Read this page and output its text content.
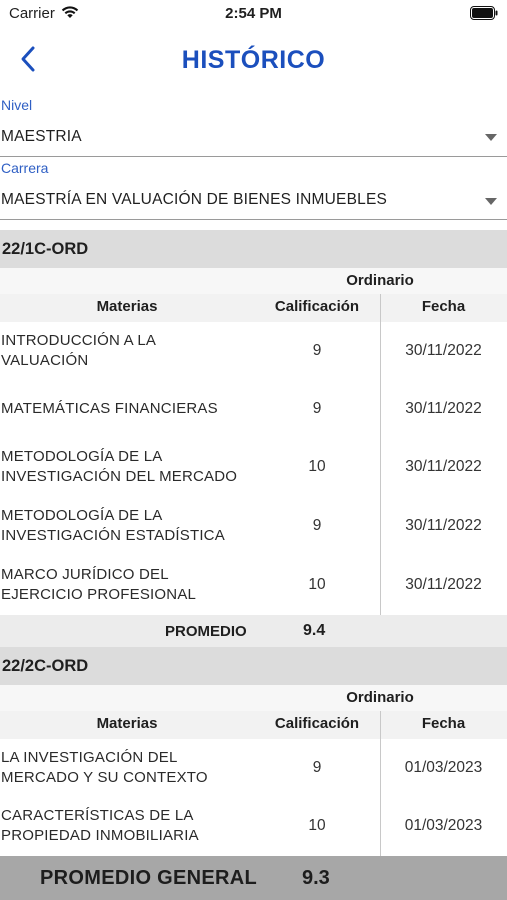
Carrier	2:54 PM
HISTÓRICO
Nivel
MAESTRIA
Carrera
MAESTRÍA EN VALUACIÓN DE BIENES INMUEBLES
22/1C-ORD
Ordinario
Materias	Calificación	Fecha
INTRODUCCIÓN A LA
VALUACIÓN
9	30/11/2022
MATEMÁTICAS FINANCIERAS	9	30/11/2022
METODOLOGÍA DE LA
INVESTIGACIÓN DEL MERCADO
10	30/11/2022
METODOLOGÍA DE LA
INVESTIGACIÓN ESTADÍSTICA
9	30/11/2022
MARCO JURÍDICO DEL
EJERCICIO PROFESIONAL
10	30/11/2022
PROMEDIO	9.4
22/2C-ORD
Ordinario
Materias	Calificación	Fecha
LA INVESTIGACIÓN DEL
MERCADO Y SU CONTEXTO
9	01/03/2023
CARACTERÍSTICAS DE LA
PROPIEDAD INMOBILIARIA
10	01/03/2023
PROMEDIO GENERAL 9.3
